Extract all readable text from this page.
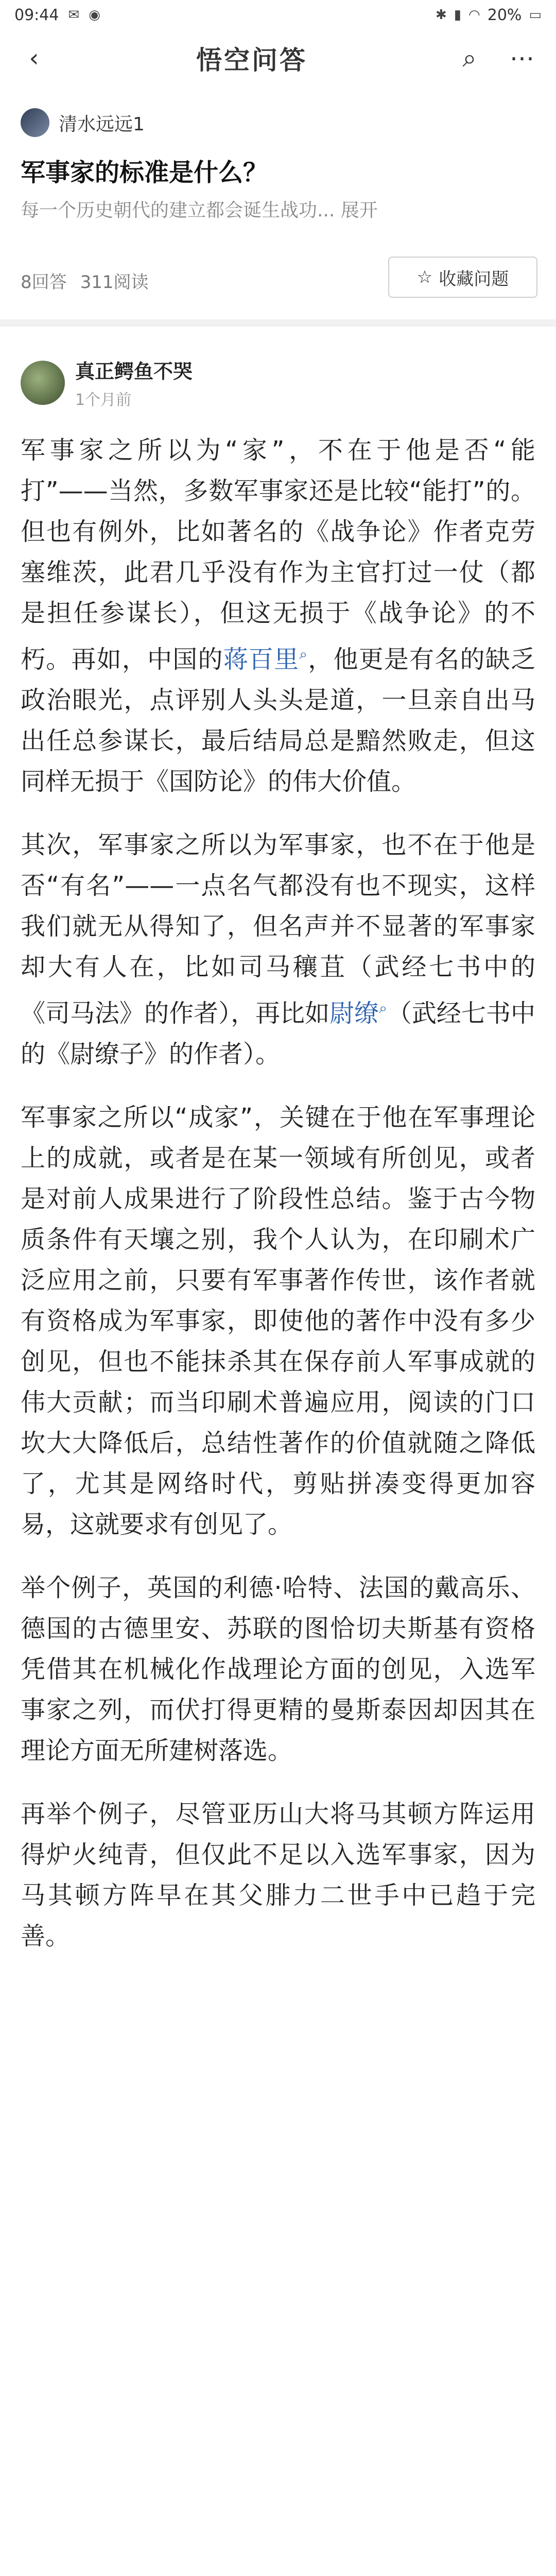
09:44 ✉ ◉	✱ ▮ ◠ 20% ▭
‹	悟空问答	⌕	⋯
清水远远1
军事家的标准是什么？
每一个历史朝代的建立都会诞生战功... 展开
8回答 311阅读	☆ 收藏问题
真正鳄鱼不哭
1个月前

军事家之所以为“家”，不在于他是否“能打”——当然，多数军事家还是比较“能打”的。但也有例外，比如著名的《战争论》作者克劳塞维茨，此君几乎没有作为主官打过一仗（都是担任参谋长），但这无损于《战争论》的不朽。再如，中国的蒋百里⌕，他更是有名的缺乏政治眼光，点评别人头头是道，一旦亲自出马出任总参谋长，最后结局总是黯然败走，但这同样无损于《国防论》的伟大价值。

其次，军事家之所以为军事家，也不在于他是否“有名”——一点名气都没有也不现实，这样我们就无从得知了，但名声并不显著的军事家却大有人在，比如司马穰苴（武经七书中的《司马法》的作者），再比如尉缭⌕（武经七书中的《尉缭子》的作者）。

军事家之所以“成家”，关键在于他在军事理论上的成就，或者是在某一领域有所创见，或者是对前人成果进行了阶段性总结。鉴于古今物质条件有天壤之别，我个人认为，在印刷术广泛应用之前，只要有军事著作传世，该作者就有资格成为军事家，即使他的著作中没有多少创见，但也不能抹杀其在保存前人军事成就的伟大贡献；而当印刷术普遍应用，阅读的门口坎大大降低后，总结性著作的价值就随之降低了，尤其是网络时代，剪贴拼凑变得更加容易，这就要求有创见了。

举个例子，英国的利德·哈特、法国的戴高乐、德国的古德里安、苏联的图恰切夫斯基有资格凭借其在机械化作战理论方面的创见，入选军事家之列，而伏打得更精的曼斯泰因却因其在理论方面无所建树落选。

再举个例子，尽管亚历山大将马其顿方阵运用得炉火纯青，但仅此不足以入选军事家，因为马其顿方阵早在其父腓力二世手中已趋于完善。
